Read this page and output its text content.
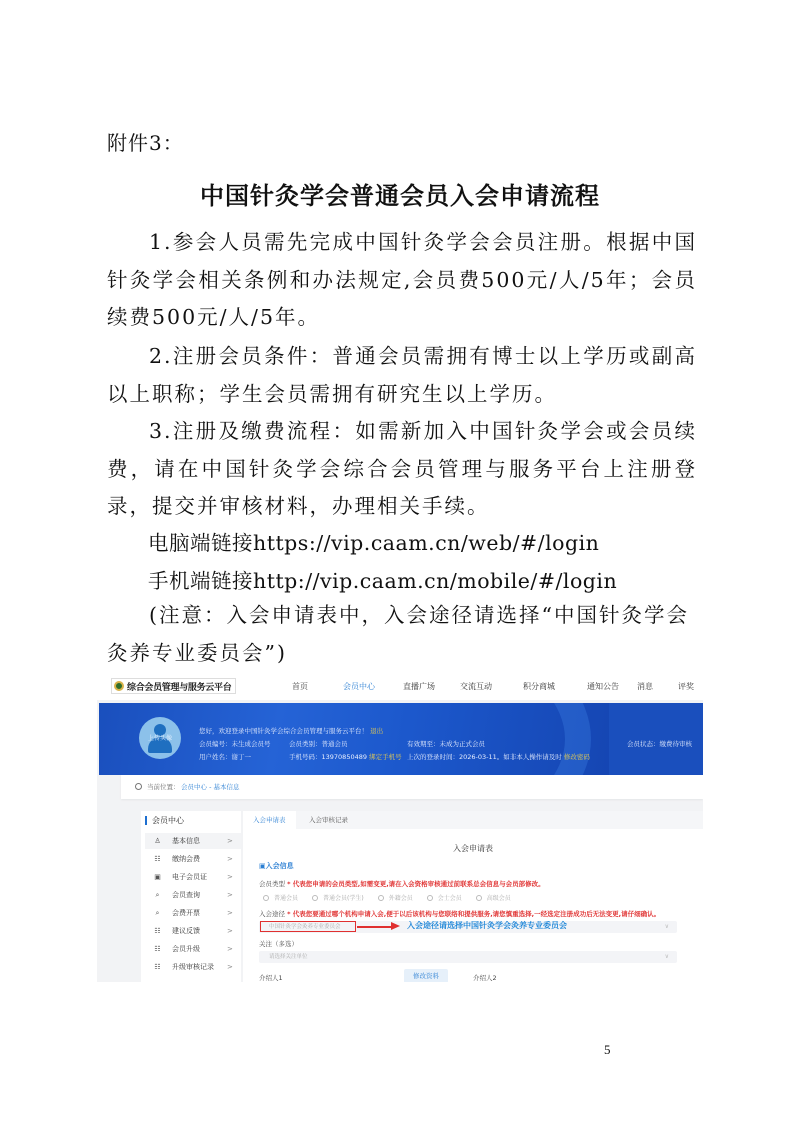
附件3：
中国针灸学会普通会员入会申请流程
1.参会人员需先完成中国针灸学会会员注册。根据中国针灸学会相关条例和办法规定,会员费500元/人/5年；会员续费500元/人/5年。
2.注册会员条件：普通会员需拥有博士以上学历或副高以上职称；学生会员需拥有研究生以上学历。
3.注册及缴费流程：如需新加入中国针灸学会或会员续费，请在中国针灸学会综合会员管理与服务平台上注册登录，提交并审核材料，办理相关手续。
电脑端链接https://vip.caam.cn/web/#/login
手机端链接http://vip.caam.cn/mobile/#/login
(注意：入会申请表中，入会途径请选择“中国针灸学会灸养专业委员会”)
综合会员管理与服务云平台	首页	会员中心	直播广场	交流互动	积分商城	通知公告 消息	评奖
上传头像
您好，欢迎登录中国针灸学会综合会员管理与服务云平台！ 退出
会员编号：未生成会员号	会员类别：普通会员	有效期至：未成为正式会员
用户姓名：谢丁一	手机号码：13970850489 绑定手机号 上次的登录时间：2026-03-11。如非本人操作请及时 修改密码
会员状态：缴费待审核
当前位置： 会员中心 - 基本信息
会员中心
♙ 基本信息	>
☷ 缴纳会费	>
▣ 电子会员证	>
⌕	会员查询	>
⌕	会费开票	>
☷ 建议反馈	>
☷ 会员升级	>
☷ 升级审核记录	>
入会申请表	入会审核记录
入会申请表
▣入会信息
会员类型 * 代表您申请的会员类型,如需变更,请在入会资格审核通过前联系总会信息与会员部修改。
普通会员	普通会员(学生)	外籍会员	会士会员	高级会员
入会途径 * 代表您要通过哪个机构申请入会,便于以后该机构与您联络和提供服务,请您慎重选择,一经选定注册成功后无法变更,请仔细确认。
中国针灸学会灸养专业委员会	∨
入会途径请选择中国针灸学会灸养专业委员会
关注（多选）
请选择关注单位	∨
介绍人1	修改资料	介绍人2
5
